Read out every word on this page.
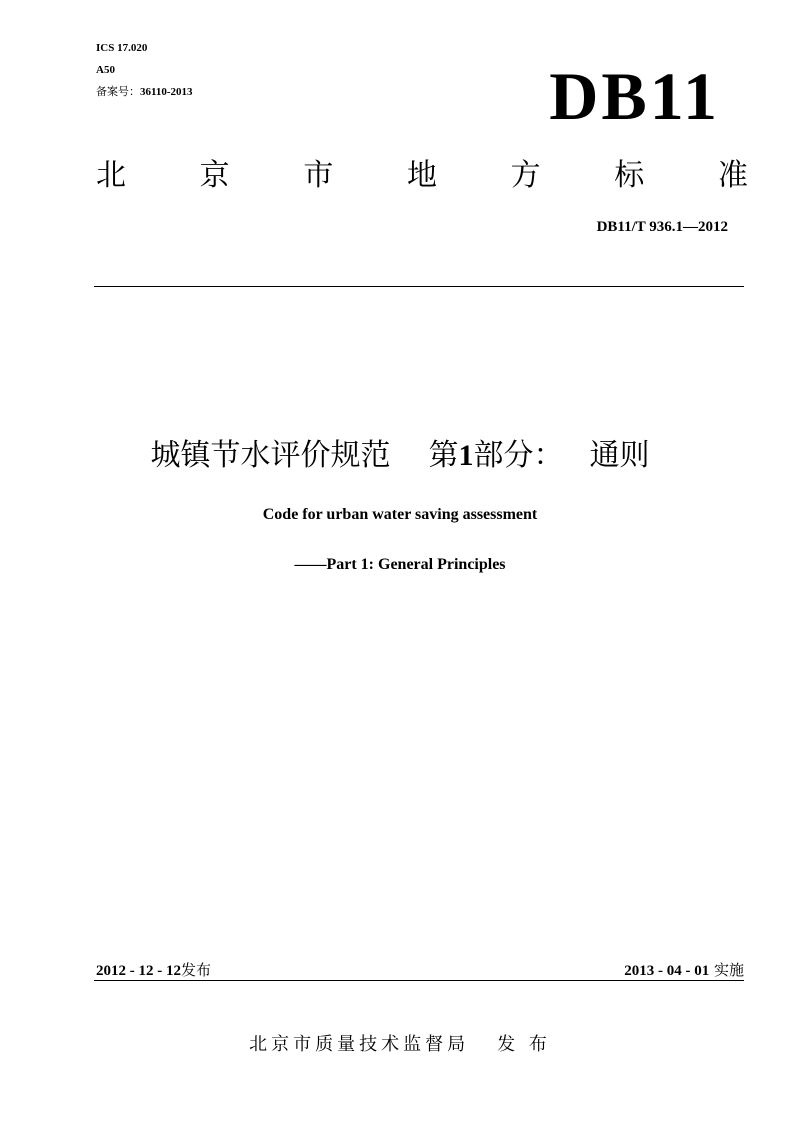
ICS 17.020
A50
备案号：36110-2013	DB11
北 京 市 地 方 标 准
DB11/T 936.1—2012
城镇节水评价规范 第1部分： 通则
Code for urban water saving assessment
——Part 1: General Principles
2012 - 12 - 12发布	2013 - 04 - 01 实施
北京市质量技术监督局 发 布
